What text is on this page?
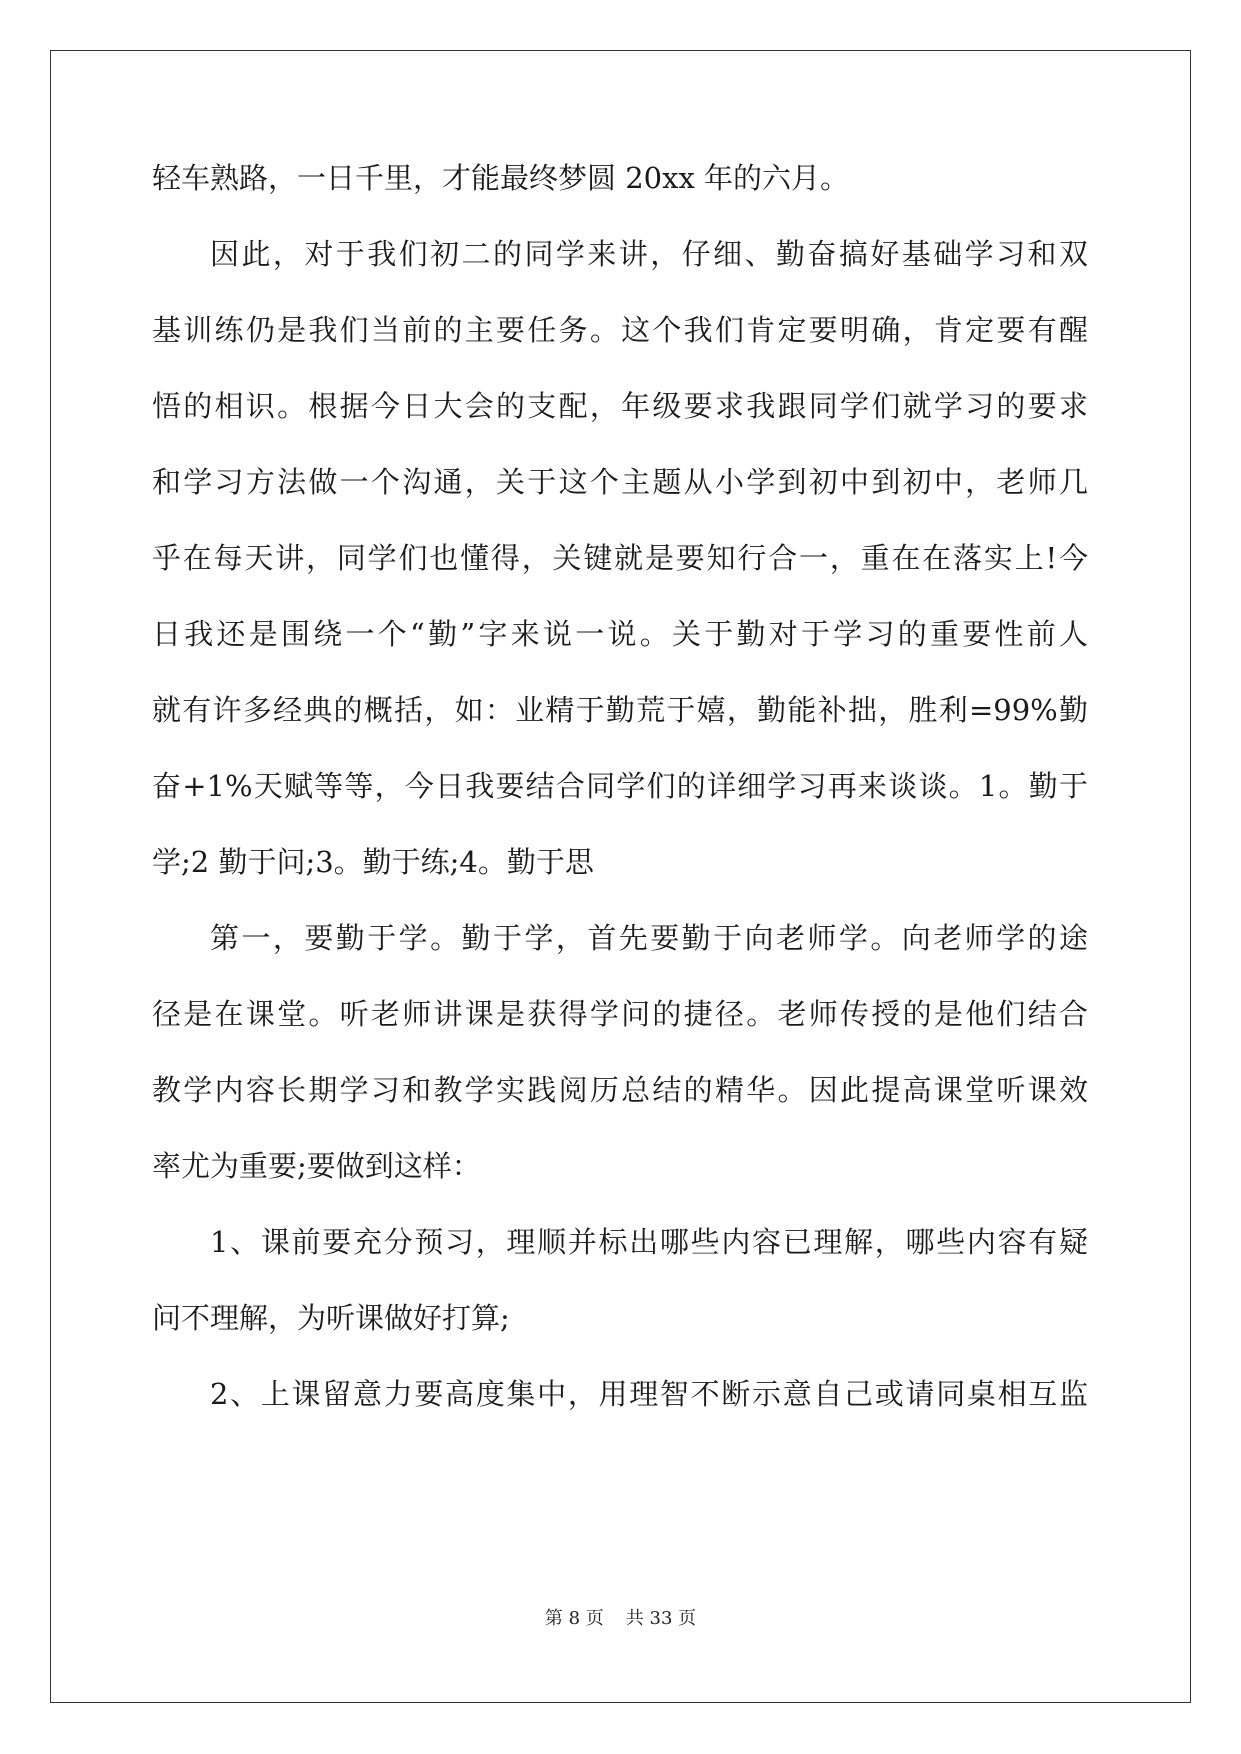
轻车熟路，一日千里，才能最终梦圆 20xx 年的六月。
因此，对于我们初二的同学来讲，仔细、勤奋搞好基础学习和双
基训练仍是我们当前的主要任务。这个我们肯定要明确，肯定要有醒
悟的相识。根据今日大会的支配，年级要求我跟同学们就学习的要求
和学习方法做一个沟通，关于这个主题从小学到初中到初中，老师几
乎在每天讲，同学们也懂得，关键就是要知行合一，重在在落实上!今
日我还是围绕一个“勤”字来说一说。关于勤对于学习的重要性前人
就有许多经典的概括，如：业精于勤荒于嬉，勤能补拙，胜利=99%勤
奋+1%天赋等等，今日我要结合同学们的详细学习再来谈谈。1。勤于
学;2 勤于问;3。勤于练;4。勤于思
第一，要勤于学。勤于学，首先要勤于向老师学。向老师学的途
径是在课堂。听老师讲课是获得学问的捷径。老师传授的是他们结合
教学内容长期学习和教学实践阅历总结的精华。因此提高课堂听课效
率尤为重要;要做到这样：
1、课前要充分预习，理顺并标出哪些内容已理解，哪些内容有疑
问不理解，为听课做好打算;
2、上课留意力要高度集中，用理智不断示意自己或请同桌相互监
第 8 页 共 33 页
